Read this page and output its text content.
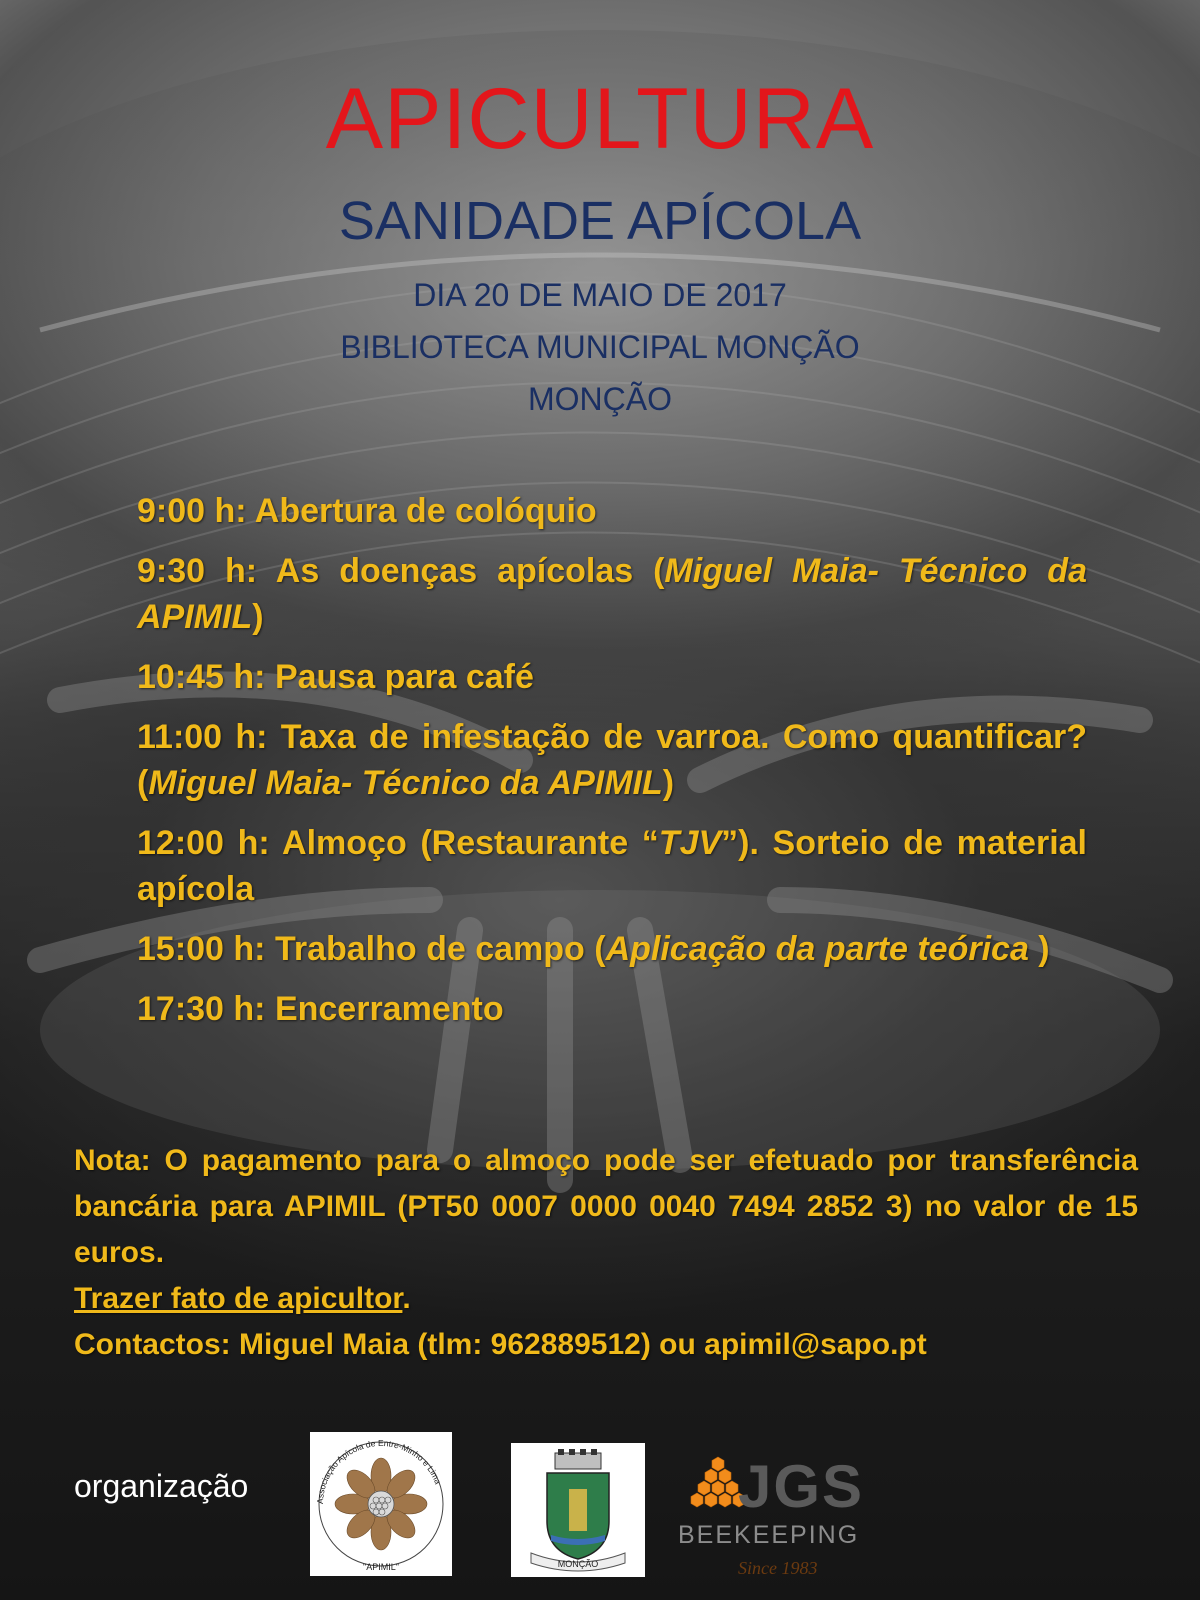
APICULTURA
SANIDADE APÍCOLA
DIA 20 DE MAIO DE 2017
BIBLIOTECA MUNICIPAL MONÇÃO
MONÇÃO
9:00 h: Abertura de colóquio
9:30 h: As doenças apícolas (Miguel Maia- Técnico da APIMIL)
10:45 h: Pausa para café
11:00 h: Taxa de infestação de varroa. Como quantificar?(Miguel Maia- Técnico da APIMIL)
12:00 h: Almoço (Restaurante “TJV”). Sorteio de material apícola
15:00 h: Trabalho de campo (Aplicação da parte teórica )
17:30 h: Encerramento
Nota: O pagamento para o almoço pode ser efetuado por transferência bancária para APIMIL (PT50 0007 0000 0040 7494 2852 3) no valor de 15 euros.
Trazer fato de apicultor.
Contactos: Miguel Maia (tlm: 962889512) ou apimil@sapo.pt
organização	Associação Apícola de Entre-Minho e Lima
"APIMIL"	MONÇÃO
JGS
BEEKEEPING
Since 1983
